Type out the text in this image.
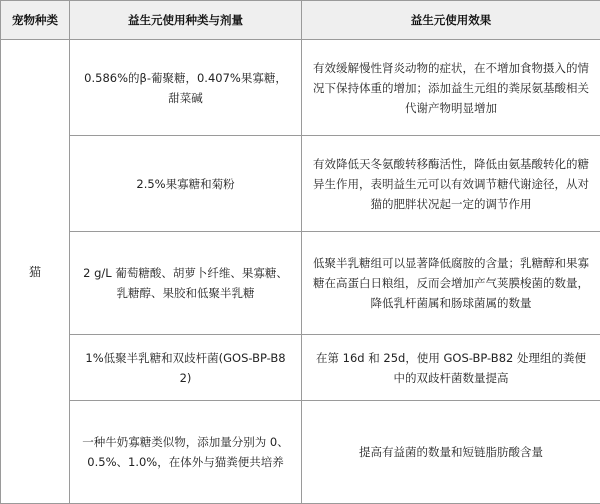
宠物种类	益生元使用种类与剂量	益生元使用效果
猫	0.586%的β-葡聚糖，0.407%果寡糖，甜菜碱	有效缓解慢性肾炎动物的症状，在不增加食物摄入的情况下保持体重的增加；添加益生元组的粪尿氨基酸相关代谢产物明显增加
	2.5%果寡糖和菊粉	有效降低天冬氨酸转移酶活性，降低由氨基酸转化的糖异生作用，表明益生元可以有效调节糖代谢途径，从对猫的肥胖状况起一定的调节作用
	2 g/L 葡萄糖酸、胡萝卜纤维、果寡糖、乳糖醇、果胶和低聚半乳糖	低聚半乳糖组可以显著降低腐胺的含量；乳糖醇和果寡糖在高蛋白日粮组，反而会增加产气荚膜梭菌的数量，降低乳杆菌属和肠球菌属的数量
	1%低聚半乳糖和双歧杆菌(GOS-BP-B82)	在第 16d 和 25d，使用 GOS-BP-B82 处理组的粪便中的双歧杆菌数量提高
	一种牛奶寡糖类似物，添加量分别为 0、0.5%、1.0%，在体外与猫粪便共培养	提高有益菌的数量和短链脂肪酸含量
